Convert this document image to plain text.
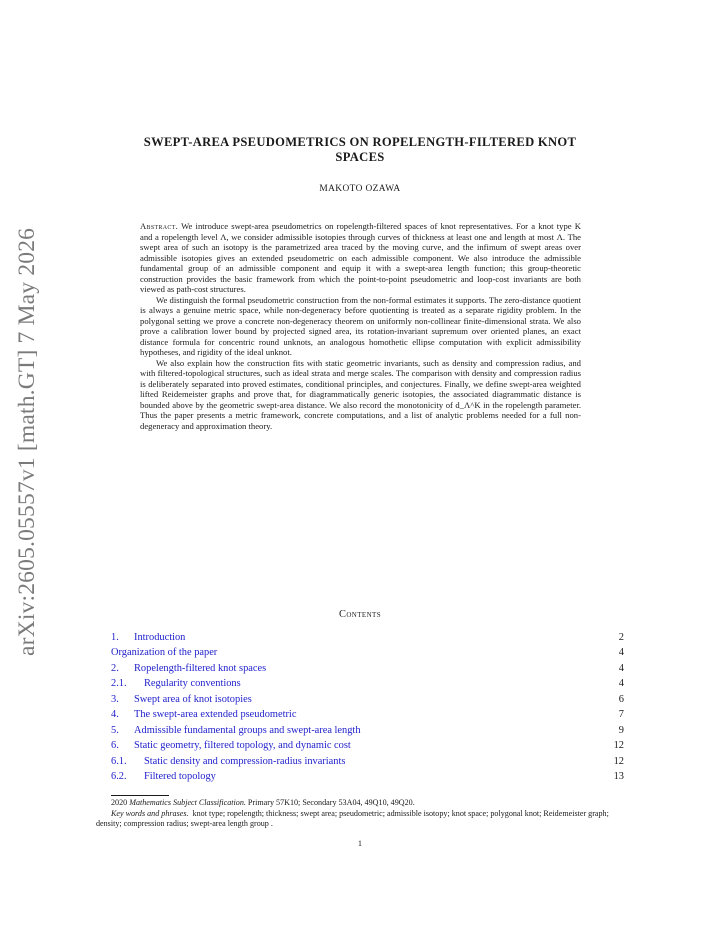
arXiv:2605.05557v1 [math.GT] 7 May 2026
SWEPT-AREA PSEUDOMETRICS ON ROPELENGTH-FILTERED KNOT
SPACES
MAKOTO OZAWA

Abstract. We introduce swept-area pseudometrics on ropelength-filtered spaces of knot representatives. For a knot type K and a ropelength level Λ, we consider admissible isotopies through curves of thickness at least one and length at most Λ. The swept area of such an isotopy is the parametrized area traced by the moving curve, and the infimum of swept areas over admissible isotopies gives an extended pseudometric on each admissible component. We also introduce the admissible fundamental group of an admissible component and equip it with a swept-area length function; this group-theoretic construction provides the basic framework from which the point-to-point pseudometric and loop-cost invariants are both viewed as path-cost structures.

We distinguish the formal pseudometric construction from the non-formal estimates it supports. The zero-distance quotient is always a genuine metric space, while non-degeneracy before quotienting is treated as a separate rigidity problem. In the polygonal setting we prove a concrete non-degeneracy theorem on uniformly non-collinear finite-dimensional strata. We also prove a calibration lower bound by projected signed area, its rotation-invariant supremum over oriented planes, an exact distance formula for concentric round unknots, an analogous homothetic ellipse computation with explicit admissibility hypotheses, and rigidity of the ideal unknot.

We also explain how the construction fits with static geometric invariants, such as density and compression radius, and with filtered-topological structures, such as ideal strata and merge scales. The comparison with density and compression radius is deliberately separated into proved estimates, conditional principles, and conjectures. Finally, we define swept-area weighted lifted Reidemeister graphs and prove that, for diagrammatically generic isotopies, the associated diagrammatic distance is bounded above by the geometric swept-area distance. We also record the monotonicity of d_Λ^K in the ropelength parameter. Thus the paper presents a metric framework, concrete computations, and a list of analytic problems needed for a full non-degeneracy and approximation theory.

Contents
1. Introduction	2
Organization of the paper	4
2. Ropelength-filtered knot spaces	4
2.1. Regularity conventions	4
3. Swept area of knot isotopies	6
4. The swept-area extended pseudometric	7
5. Admissible fundamental groups and swept-area length	9
6. Static geometry, filtered topology, and dynamic cost	12
6.1. Static density and compression-radius invariants	12
6.2. Filtered topology	13

2020 Mathematics Subject Classification. Primary 57K10; Secondary 53A04, 49Q10, 49Q20.

Key words and phrases. knot type; ropelength; thickness; swept area; pseudometric; admissible isotopy; knot space; polygonal knot; Reidemeister graph; density; compression radius; swept-area length group .

1
